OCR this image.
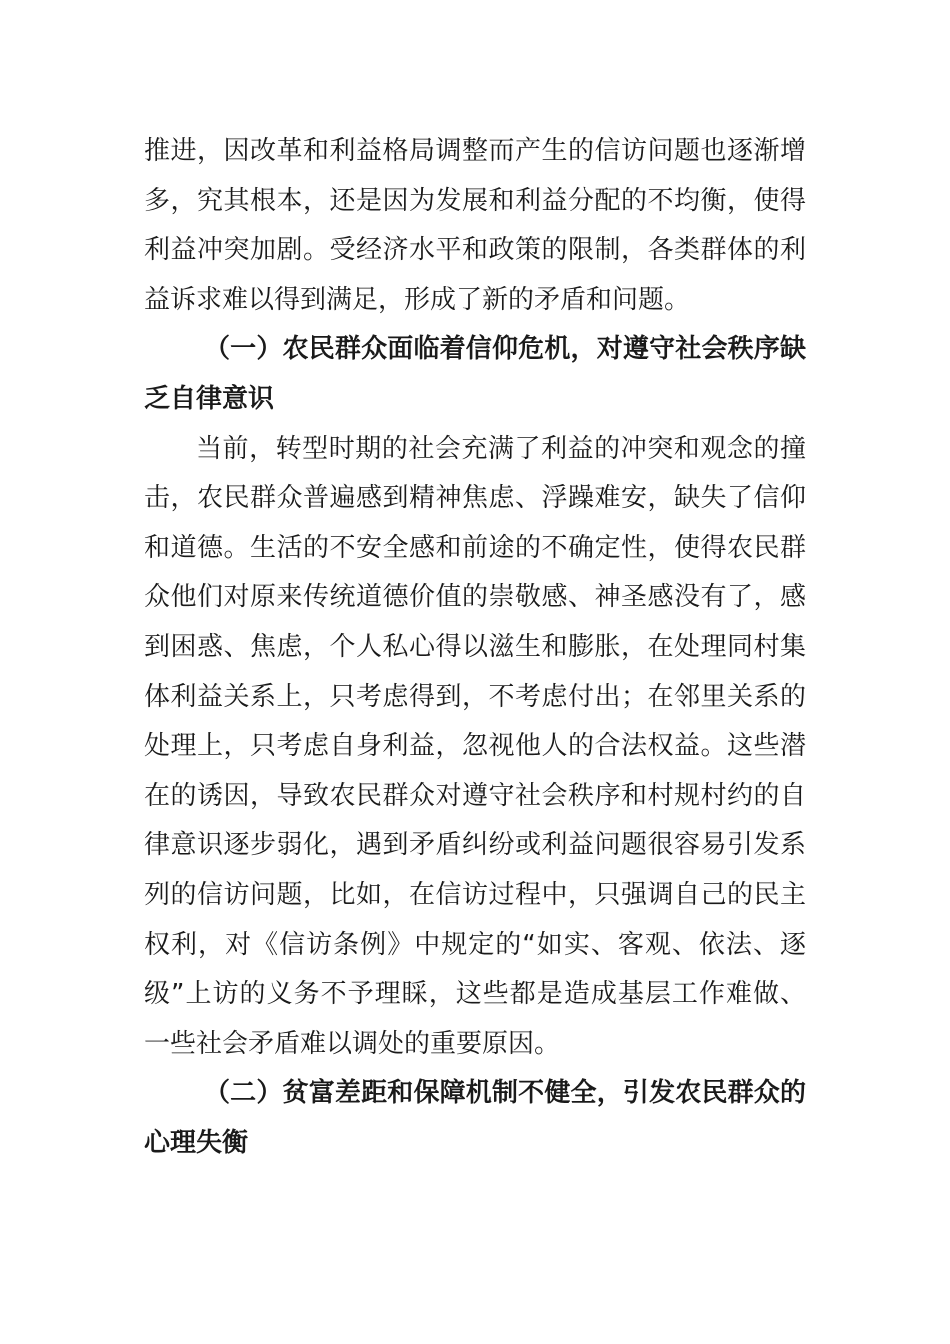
推进，因改革和利益格局调整而产生的信访问题也逐渐增
多，究其根本，还是因为发展和利益分配的不均衡，使得
利益冲突加剧。受经济水平和政策的限制，各类群体的利
益诉求难以得到满足，形成了新的矛盾和问题。
（一）农民群众面临着信仰危机，对遵守社会秩序缺
乏自律意识
当前，转型时期的社会充满了利益的冲突和观念的撞
击，农民群众普遍感到精神焦虑、浮躁难安，缺失了信仰
和道德。生活的不安全感和前途的不确定性，使得农民群
众他们对原来传统道德价值的崇敬感、神圣感没有了，感
到困惑、焦虑，个人私心得以滋生和膨胀，在处理同村集
体利益关系上，只考虑得到，不考虑付出；在邻里关系的
处理上，只考虑自身利益，忽视他人的合法权益。这些潜
在的诱因，导致农民群众对遵守社会秩序和村规村约的自
律意识逐步弱化，遇到矛盾纠纷或利益问题很容易引发系
列的信访问题，比如，在信访过程中，只强调自己的民主
权利，对《信访条例》中规定的“如实、客观、依法、逐
级”上访的义务不予理睬，这些都是造成基层工作难做、
一些社会矛盾难以调处的重要原因。
（二）贫富差距和保障机制不健全，引发农民群众的
心理失衡
